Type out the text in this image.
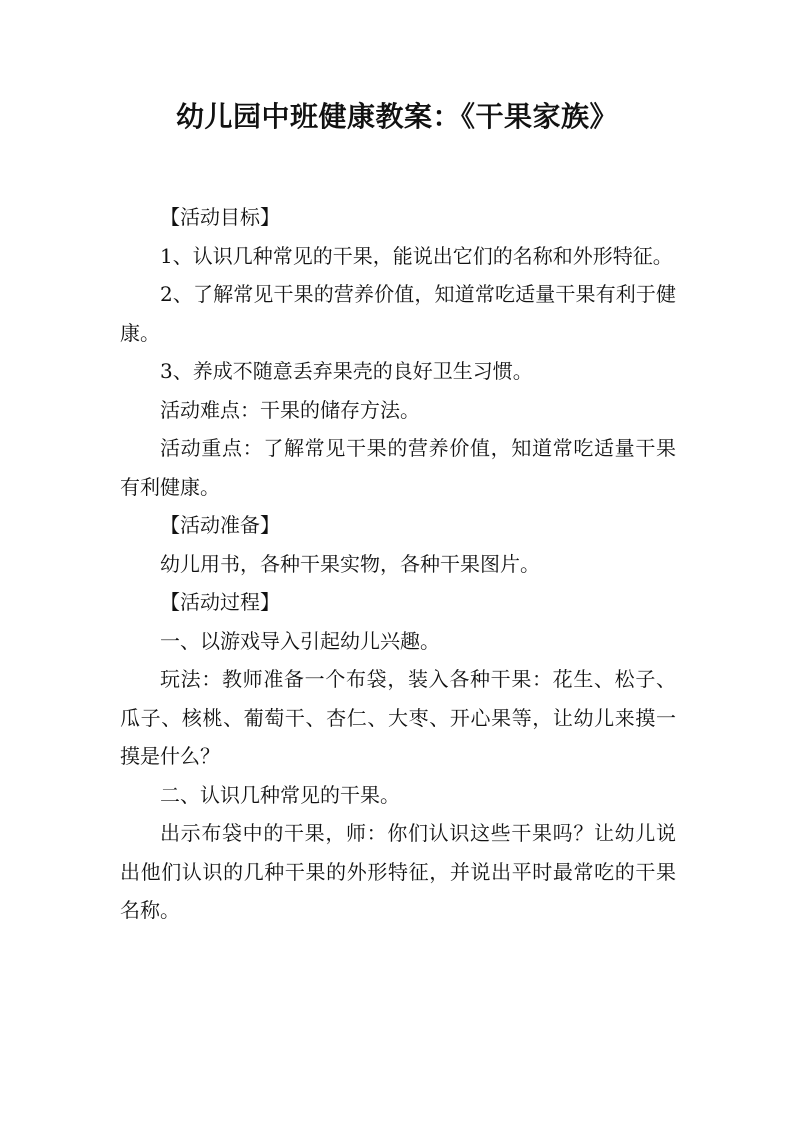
幼儿园中班健康教案：《干果家族》

【活动目标】

1、认识几种常见的干果，能说出它们的名称和外形特征。

2、了解常见干果的营养价值，知道常吃适量干果有利于健康。

3、养成不随意丢弃果壳的良好卫生习惯。

活动难点：干果的储存方法。

活动重点：了解常见干果的营养价值，知道常吃适量干果有利健康。

【活动准备】

幼儿用书，各种干果实物，各种干果图片。

【活动过程】

一、以游戏导入引起幼儿兴趣。

玩法：教师准备一个布袋，装入各种干果：花生、松子、瓜子、核桃、葡萄干、杏仁、大枣、开心果等，让幼儿来摸一摸是什么？

二、认识几种常见的干果。

出示布袋中的干果，师：你们认识这些干果吗？让幼儿说出他们认识的几种干果的外形特征，并说出平时最常吃的干果名称。
